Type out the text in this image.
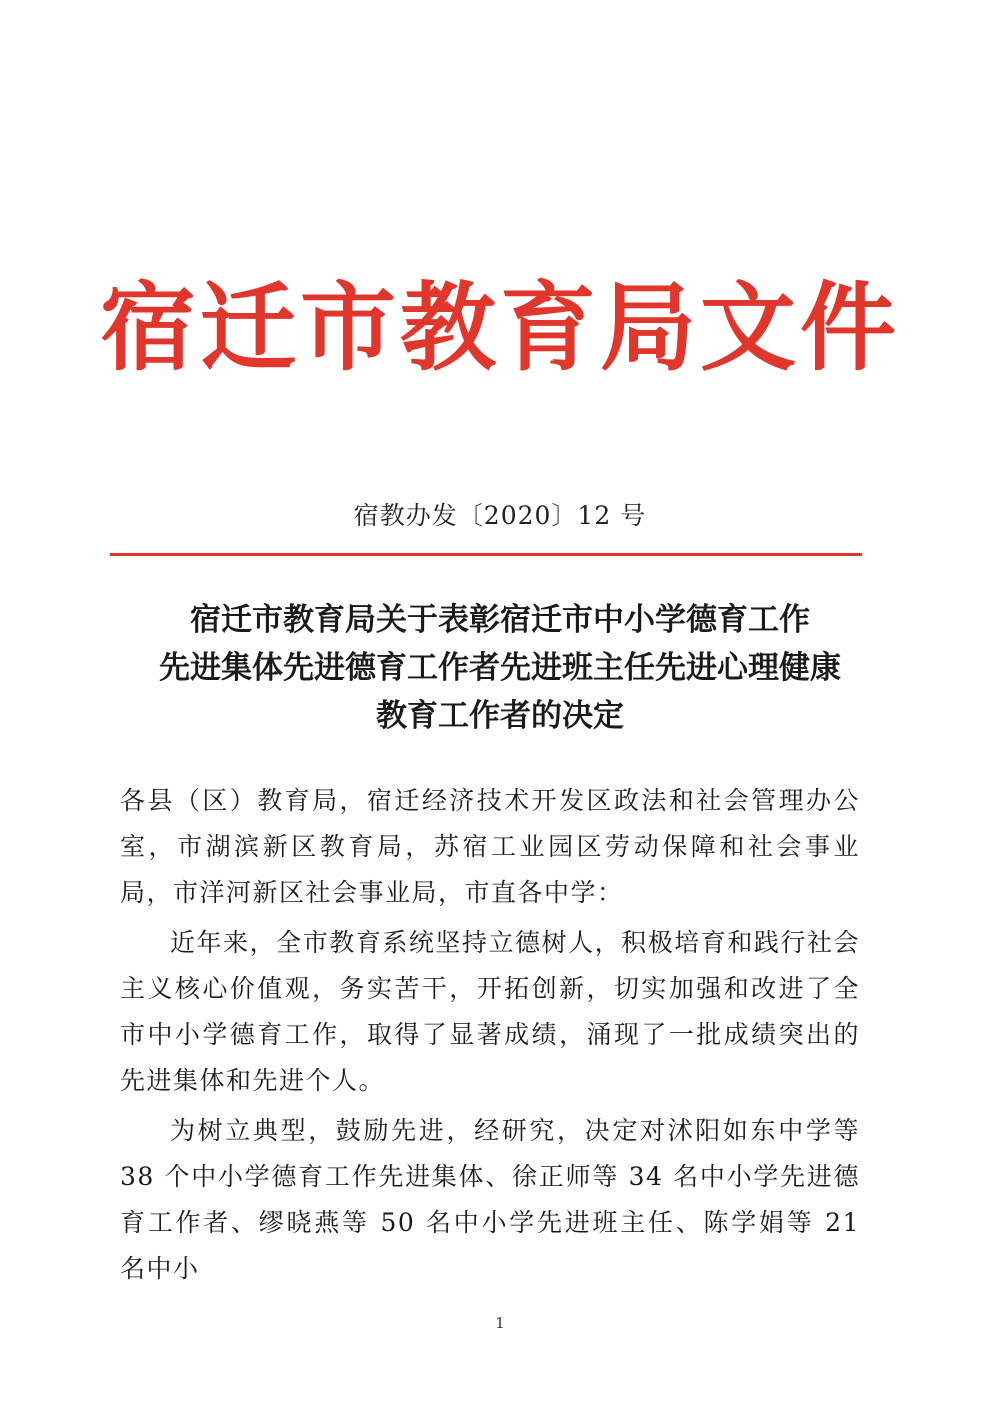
宿迁市教育局文件
宿教办发〔2020〕12 号
宿迁市教育局关于表彰宿迁市中小学德育工作
先进集体先进德育工作者先进班主任先进心理健康
教育工作者的决定

各县（区）教育局，宿迁经济技术开发区政法和社会管理办公室，市湖滨新区教育局，苏宿工业园区劳动保障和社会事业局，市洋河新区社会事业局，市直各中学：

近年来，全市教育系统坚持立德树人，积极培育和践行社会主义核心价值观，务实苦干，开拓创新，切实加强和改进了全市中小学德育工作，取得了显著成绩，涌现了一批成绩突出的先进集体和先进个人。

为树立典型，鼓励先进，经研究，决定对沭阳如东中学等38 个中小学德育工作先进集体、徐正师等 34 名中小学先进德育工作者、缪晓燕等 50 名中小学先进班主任、陈学娟等 21 名中小

1
